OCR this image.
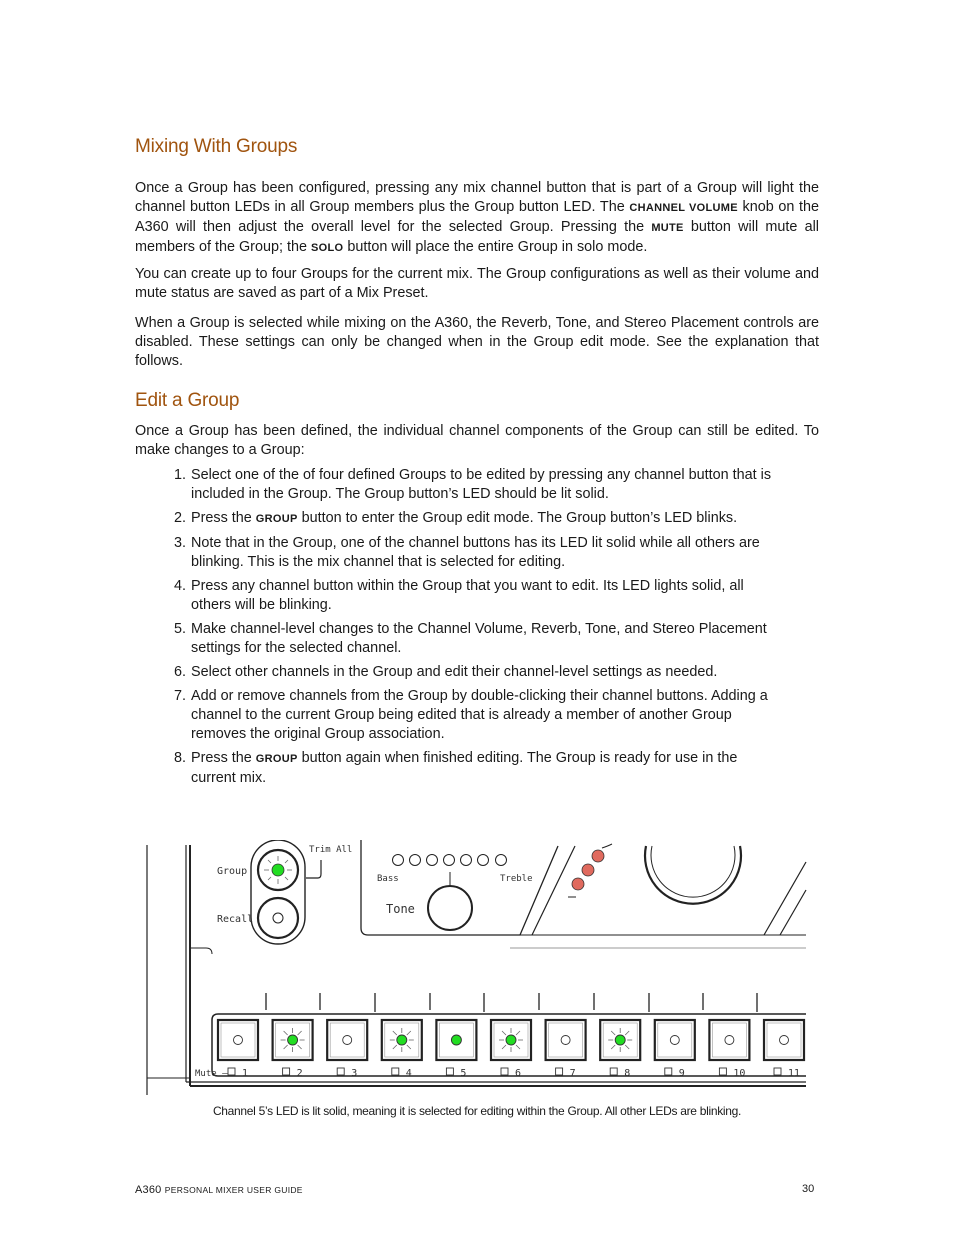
Mixing With Groups

Once a Group has been configured, pressing any mix channel button that is part of a Group will light the channel button LEDs in all Group members plus the Group button LED. The CHANNEL VOLUME knob on the A360 will then adjust the overall level for the selected Group. Pressing the MUTE button will mute all members of the Group; the SOLO button will place the entire Group in solo mode.

You can create up to four Groups for the current mix. The Group configurations as well as their volume and mute status are saved as part of a Mix Preset.

When a Group is selected while mixing on the A360, the Reverb, Tone, and Stereo Placement controls are disabled. These settings can only be changed when in the Group edit mode. See the explanation that follows.

Edit a Group

Once a Group has been defined, the individual channel components of the Group can still be edited. To make changes to a Group:

1. Select one of the of four defined Groups to be edited by pressing any channel button that is included in the Group. The Group button’s LED should be lit solid.
2. Press the GROUP button to enter the Group edit mode. The Group button’s LED blinks.
3. Note that in the Group, one of the channel buttons has its LED lit solid while all others are blinking. This is the mix channel that is selected for editing.
4. Press any channel button within the Group that you want to edit. Its LED lights solid, all others will be blinking.
5. Make channel-level changes to the Channel Volume, Reverb, Tone, and Stereo Placement settings for the selected channel.
6. Select other channels in the Group and edit their channel-level settings as needed.
7. Add or remove channels from the Group by double-clicking their channel buttons. Adding a channel to the current Group being edited that is already a member of another Group removes the original Group association.
8. Press the GROUP button again when finished editing. The Group is ready for use in the current mix.
Group
Recall
Trim All
Bass	Treble
Tone
1	2	3	4	5	6	7	8	9	10	11
Mute –
Channel 5’s LED is lit solid, meaning it is selected for editing within the Group. All other LEDs are blinking.
A360 PERSONAL MIXER USER GUIDE	30
